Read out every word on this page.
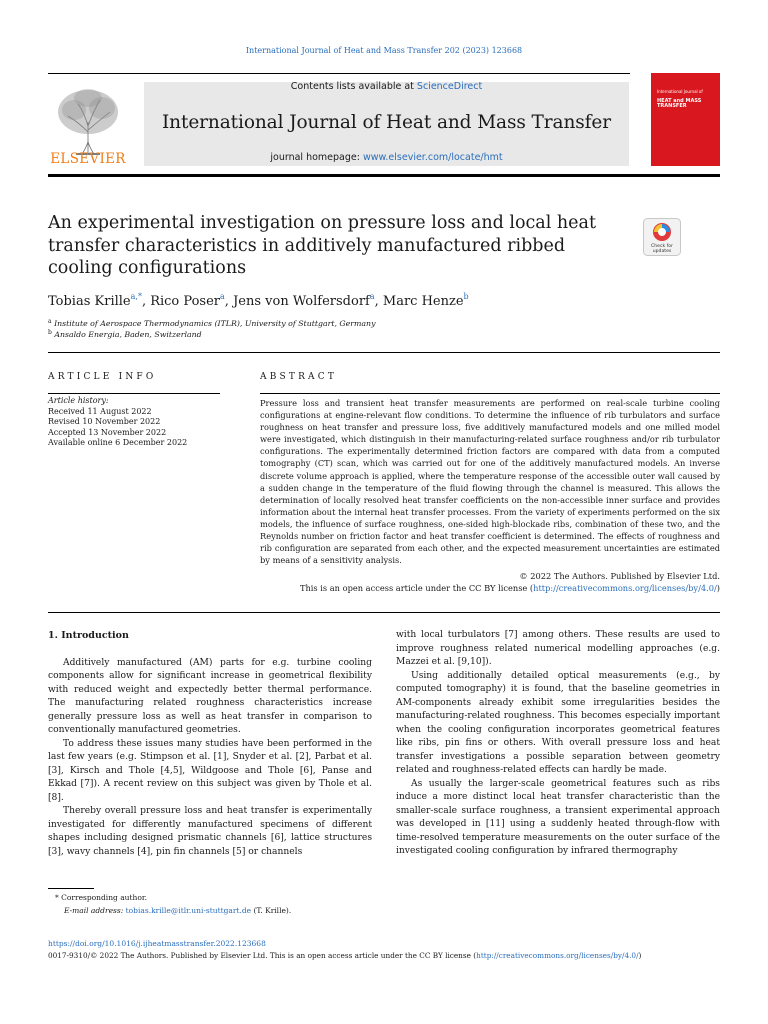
International Journal of Heat and Mass Transfer 202 (2023) 123668
ELSEVIER
Contents lists available at ScienceDirect
International Journal of Heat and Mass Transfer
journal homepage: www.elsevier.com/locate/hmt
International Journal of
HEAT and MASS TRANSFER
An experimental investigation on pressure loss and local heat transfer characteristics in additively manufactured ribbed cooling configurations
Check for
updates
Tobias Krille$^{a,*}$, Rico Poser$^a$, Jens von Wolfersdorf$^a$, Marc Henze$^b$
$^a$ Institute of Aerospace Thermodynamics (ITLR), University of Stuttgart, Germany
$^b$ Ansaldo Energia, Baden, Switzerland
ARTICLE INFO
Article history:
Received 11 August 2022
Revised 10 November 2022
Accepted 13 November 2022
Available online 6 December 2022
ABSTRACT
Pressure loss and transient heat transfer measurements are performed on real-scale turbine cooling configurations at engine-relevant flow conditions. To determine the influence of rib turbulators and surface roughness on heat transfer and pressure loss, five additively manufactured models and one milled model were investigated, which distinguish in their manufacturing-related surface roughness and/or rib turbulator configurations. The experimentally determined friction factors are compared with data from a computed tomography (CT) scan, which was carried out for one of the additively manufactured models. An inverse discrete volume approach is applied, where the temperature response of the accessible outer wall caused by a sudden change in the temperature of the fluid flowing through the channel is measured. This allows the determination of locally resolved heat transfer coefficients on the non-accessible inner surface and provides information about the internal heat transfer processes. From the variety of experiments performed on the six models, the influence of surface roughness, one-sided high-blockade ribs, combination of these two, and the Reynolds number on friction factor and heat transfer coefficient is determined. The effects of roughness and rib configuration are separated from each other, and the expected measurement uncertainties are estimated by means of a sensitivity analysis.
© 2022 The Authors. Published by Elsevier Ltd.
This is an open access article under the CC BY license (http://creativecommons.org/licenses/by/4.0/)

1. Introduction

Additively manufactured (AM) parts for e.g. turbine cooling components allow for significant increase in geometrical flexibility with reduced weight and expectedly better thermal performance. The manufacturing related roughness characteristics increase generally pressure loss as well as heat transfer in comparison to conventionally manufactured geometries.

To address these issues many studies have been performed in the last few years (e.g. Stimpson et al. [1], Snyder et al. [2], Parbat et al. [3], Kirsch and Thole [4,5], Wildgoose and Thole [6], Panse and Ekkad [7]). A recent review on this subject was given by Thole et al. [8].

Thereby overall pressure loss and heat transfer is experimentally investigated for differently manufactured specimens of different shapes including designed prismatic channels [6], lattice structures [3], wavy channels [4], pin fin channels [5] or channels

with local turbulators [7] among others. These results are used to improve roughness related numerical modelling approaches (e.g. Mazzei et al. [9,10]).

Using additionally detailed optical measurements (e.g., by computed tomography) it is found, that the baseline geometries in AM-components already exhibit some irregularities besides the manufacturing-related roughness. This becomes especially important when the cooling configuration incorporates geometrical features like ribs, pin fins or others. With overall pressure loss and heat transfer investigations a possible separation between geometry related and roughness-related effects can hardly be made.

As usually the larger-scale geometrical features such as ribs induce a more distinct local heat transfer characteristic than the smaller-scale surface roughness, a transient experimental approach was developed in [11] using a suddenly heated through-flow with time-resolved temperature measurements on the outer surface of the investigated cooling configuration by infrared thermography

* Corresponding author.
E-mail address: tobias.krille@itlr.uni-stuttgart.de (T. Krille).
https://doi.org/10.1016/j.ijheatmasstransfer.2022.123668
0017-9310/© 2022 The Authors. Published by Elsevier Ltd. This is an open access article under the CC BY license (http://creativecommons.org/licenses/by/4.0/)
